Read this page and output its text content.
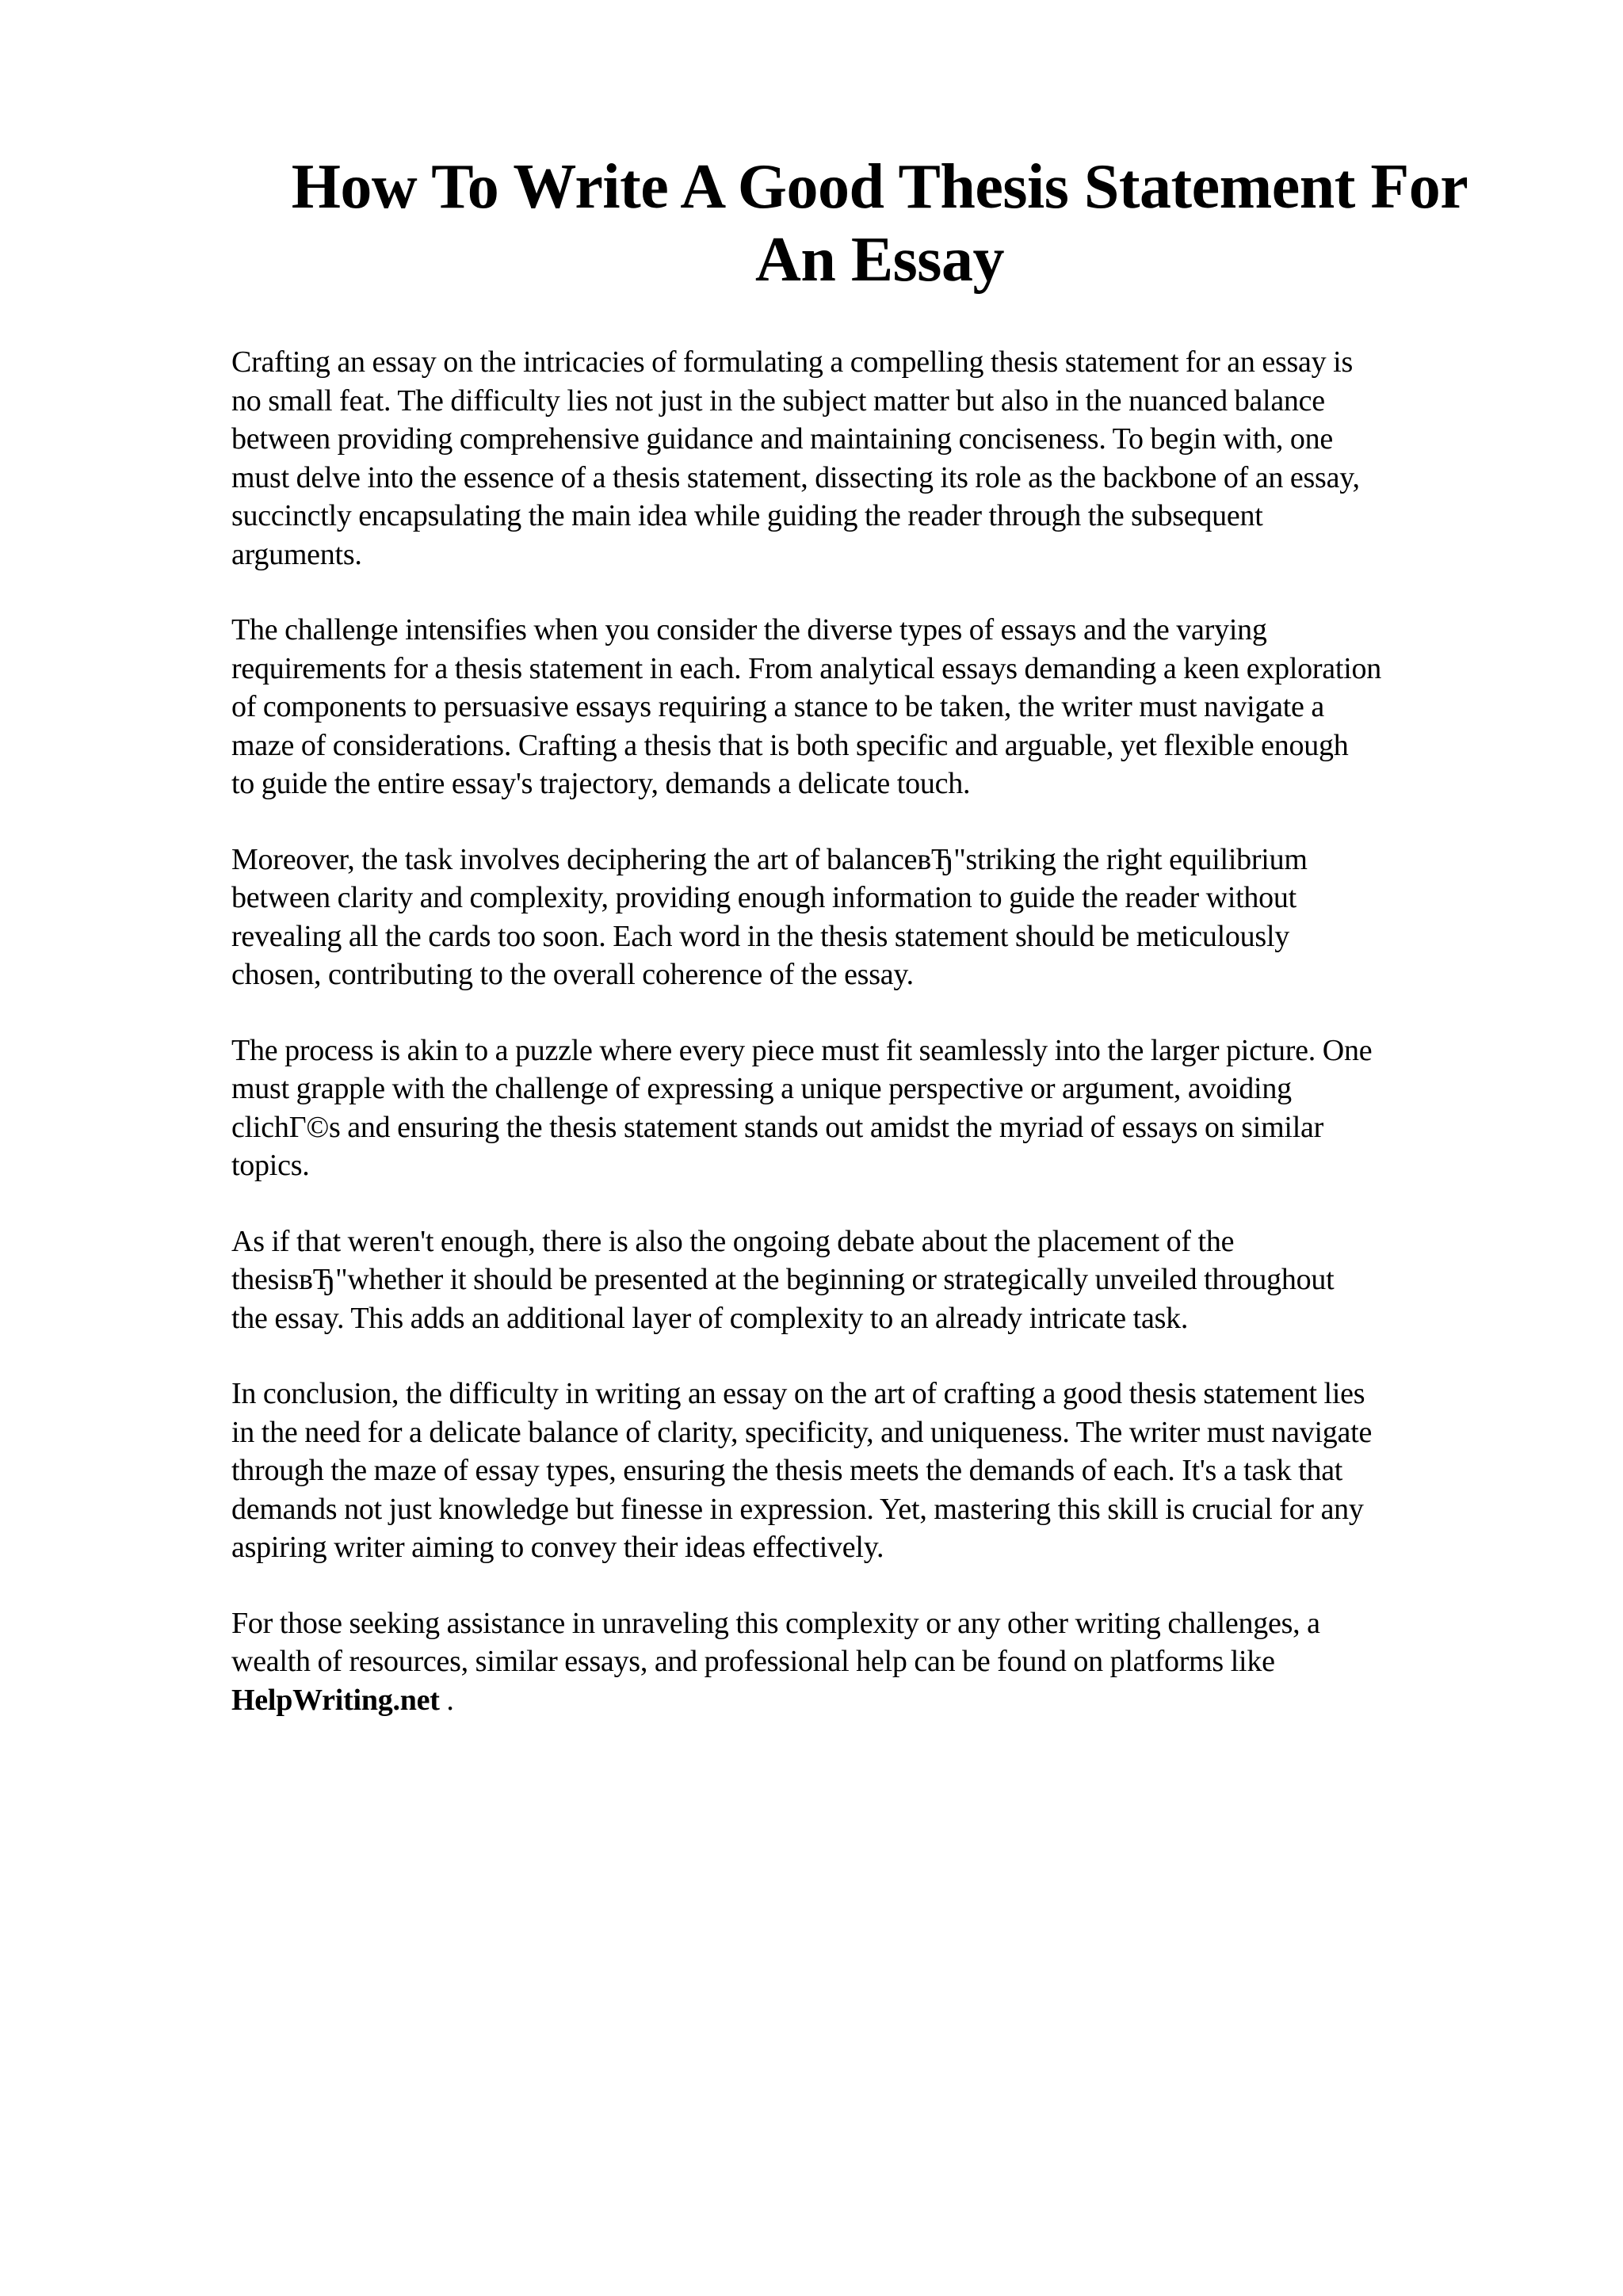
How To Write A Good Thesis Statement For
An Essay

Crafting an essay on the intricacies of formulating a compelling thesis statement for an essay is
no small feat. The difficulty lies not just in the subject matter but also in the nuanced balance
between providing comprehensive guidance and maintaining conciseness. To begin with, one
must delve into the essence of a thesis statement, dissecting its role as the backbone of an essay,
succinctly encapsulating the main idea while guiding the reader through the subsequent
arguments.

The challenge intensifies when you consider the diverse types of essays and the varying
requirements for a thesis statement in each. From analytical essays demanding a keen exploration
of components to persuasive essays requiring a stance to be taken, the writer must navigate a
maze of considerations. Crafting a thesis that is both specific and arguable, yet flexible enough
to guide the entire essay's trajectory, demands a delicate touch.

Moreover, the task involves deciphering the art of balanceвЂ"striking the right equilibrium
between clarity and complexity, providing enough information to guide the reader without
revealing all the cards too soon. Each word in the thesis statement should be meticulously
chosen, contributing to the overall coherence of the essay.

The process is akin to a puzzle where every piece must fit seamlessly into the larger picture. One
must grapple with the challenge of expressing a unique perspective or argument, avoiding
clichГ©s and ensuring the thesis statement stands out amidst the myriad of essays on similar
topics.

As if that weren't enough, there is also the ongoing debate about the placement of the
thesisвЂ"whether it should be presented at the beginning or strategically unveiled throughout
the essay. This adds an additional layer of complexity to an already intricate task.

In conclusion, the difficulty in writing an essay on the art of crafting a good thesis statement lies
in the need for a delicate balance of clarity, specificity, and uniqueness. The writer must navigate
through the maze of essay types, ensuring the thesis meets the demands of each. It's a task that
demands not just knowledge but finesse in expression. Yet, mastering this skill is crucial for any
aspiring writer aiming to convey their ideas effectively.

For those seeking assistance in unraveling this complexity or any other writing challenges, a
wealth of resources, similar essays, and professional help can be found on platforms like
HelpWriting.net .
